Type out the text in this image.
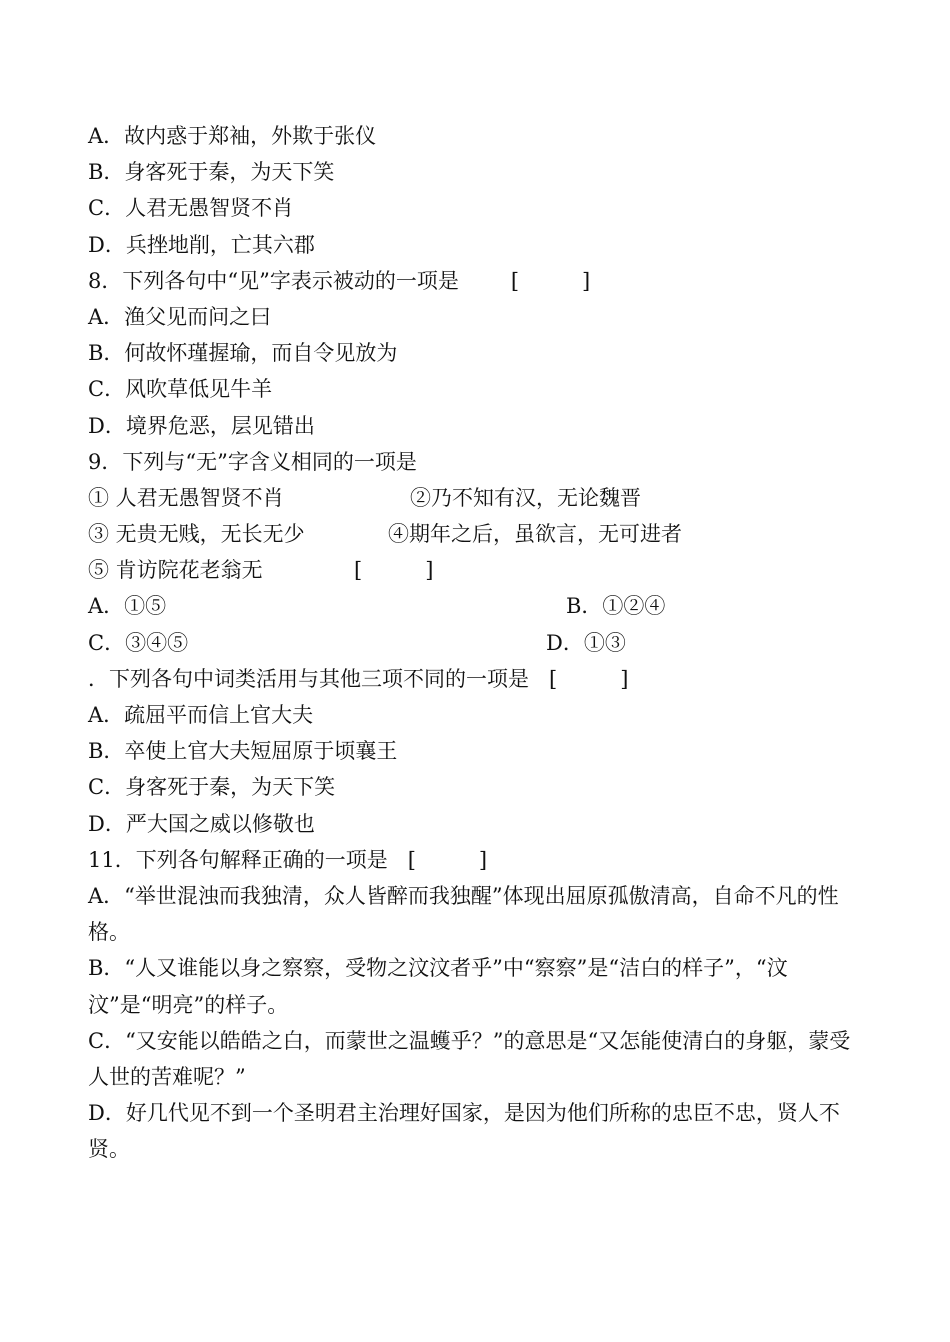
A．故内惑于郑袖，外欺于张仪
B．身客死于秦，为天下笑
C．人君无愚智贤不肖
D．兵挫地削，亡其六郡
8．下列各句中“见”字表示被动的一项是 [　　　]
A．渔父见而问之曰
B．何故怀瑾握瑜，而自令见放为
C．风吹草低见牛羊
D．境界危恶，层见错出
9．下列与“无”字含义相同的一项是
① 人君无愚智贤不肖	②乃不知有汉，无论魏晋
③ 无贵无贱，无长无少	④期年之后，虽欲言，无可进者
⑤ 肯访院花老翁无	[　　　]
A．①⑤	B．①②④
C．③④⑤	D．①③
．下列各句中词类活用与其他三项不同的一项是 [　　　]
A．疏屈平而信上官大夫
B．卒使上官大夫短屈原于顷襄王
C．身客死于秦，为天下笑
D．严大国之威以修敬也
11．下列各句解释正确的一项是 [　　　]
A．“举世混浊而我独清，众人皆醉而我独醒”体现出屈原孤傲清高，自命不凡的性格。
B．“人又谁能以身之察察，受物之汶汶者乎”中“察察”是“洁白的样子”，“汶汶”是“明亮”的样子。
C．“又安能以皓皓之白，而蒙世之温蠖乎？”的意思是“又怎能使清白的身躯，蒙受人世的苦难呢？”
D．好几代见不到一个圣明君主治理好国家，是因为他们所称的忠臣不忠，贤人不贤。
